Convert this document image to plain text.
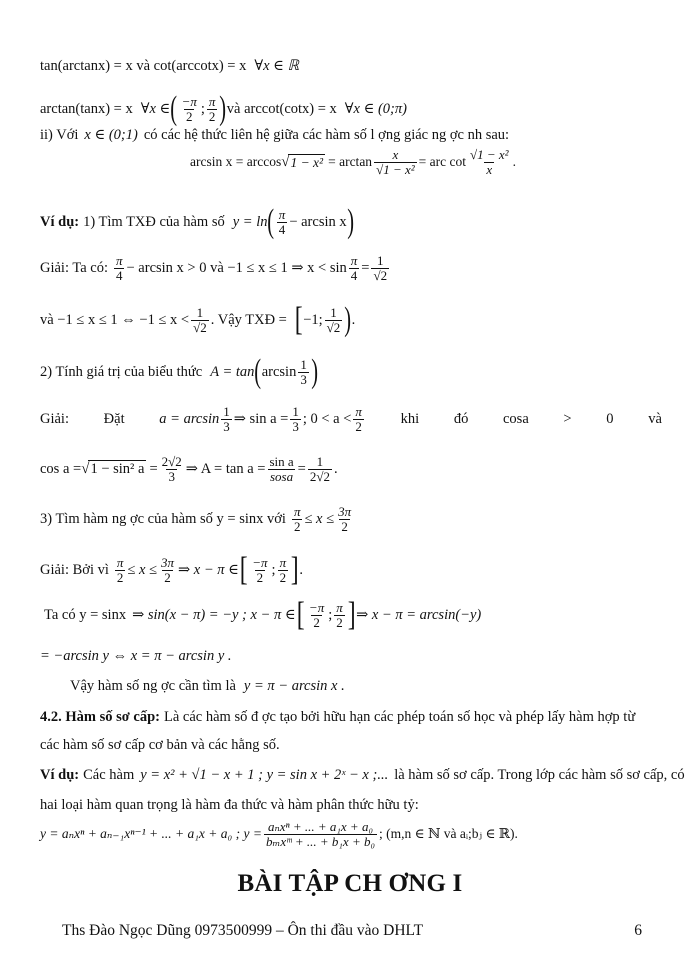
tan(arctanx) = x và cot(arccotx) = x ∀x ∈ ℝ
arctan(tanx) = x ∀x ∈ ( $\frac{-\pi}{2}$ ; $\frac{\pi}{2}$ ) và arccot(cotx) = x ∀x ∈ (0;π)
ii) Với x ∈ (0;1) có các hệ thức liên hệ giữa các hàm số l ợng giác ng ợc nh sau:
arcsin x = arccos √ $1 - x^2 = \arctan \frac{x}{\text{√1 − x²}}$ = arc $\cot \frac{\text{√1 − x²}}{x}$ .
Ví dụ: 1) Tìm TXĐ của hàm số y = ln ( $\frac{\pi}{4} - \arcsin x$ )
Giải: Ta có: $\frac{\pi}{4} - \arcsin x > 0$ và −1 ≤ x ≤ 1 ⇒ $x < \sin \frac{\pi}{4} = \frac{1}{√2}$
và −1 ≤ x ≤ 1 ⇔ $-1 \le x < \frac{1}{√2}$ . Vậy TXĐ = [ −1; $\frac{1}{√2}$ ) .
2) Tính giá trị của biểu thức A = tan ( $\arcsin \frac{1}{3}$ )
Giải: Đặt $a = \arcsin \frac{1}{3}$ ⇒ $\sin a = \frac{1}{3}$ ; $0 < a < \frac{\pi}{2}$	khi đó cosa > 0 và
cos a = √ 1 − sin² $a = \frac{2√2}{3}$ ⇒ $A = \tan a = \frac{\text{sin a}}{\text{sosa}} = \frac{1}{2√2}$ .
3) Tìm hàm ng ợc của hàm số y = sinx với $\frac{\pi}{2} \le x \le \frac{3\pi}{2}$
Giải: Bởi vì $\frac{\pi}{2} \le x \le \frac{3\pi}{2}$ ⇒ x − π ∈ [ $\frac{-\pi}{2}$ ; $\frac{\pi}{2}$ ] .
Ta có y = sinx ⇒ sin(x − π) = −y ; x − π ∈ [ $\frac{-\pi}{2}$ ; $\frac{\pi}{2}$ ] ⇒ x − π = arcsin(−y)
= −arcsin y ⇔ x = π − arcsin y .
Vậy hàm số ng ợc cần tìm là y = π − arcsin x .
4.2. Hàm số sơ cấp: Là các hàm số đ ợc tạo bởi hữu hạn các phép toán số học và phép lấy hàm hợp từ
các hàm số sơ cấp cơ bản và các hằng số.
Ví dụ: Các hàm y = x² + √1 − x + 1 ; y = sin x + 2ˣ − x ;... là hàm số sơ cấp. Trong lớp các hàm số sơ cấp, có
hai loại hàm quan trọng là hàm đa thức và hàm phân thức hữu tỷ:
y = aₙxⁿ + aₙ₋₁xⁿ⁻¹ + ... + a₁x + a₀ ; $y = \frac{\text{aₙxⁿ + ... + a₁x + a₀}}{\text{bₘxᵐ + ... + b₁x + b₀}}$ ; (m,n ∈ ℕ và aᵢ;bⱼ ∈ ℝ).
BÀI TẬP CH ƠNG I
Ths Đào Ngọc Dũng 0973500999 – Ôn thi đầu vào DHLT	6
